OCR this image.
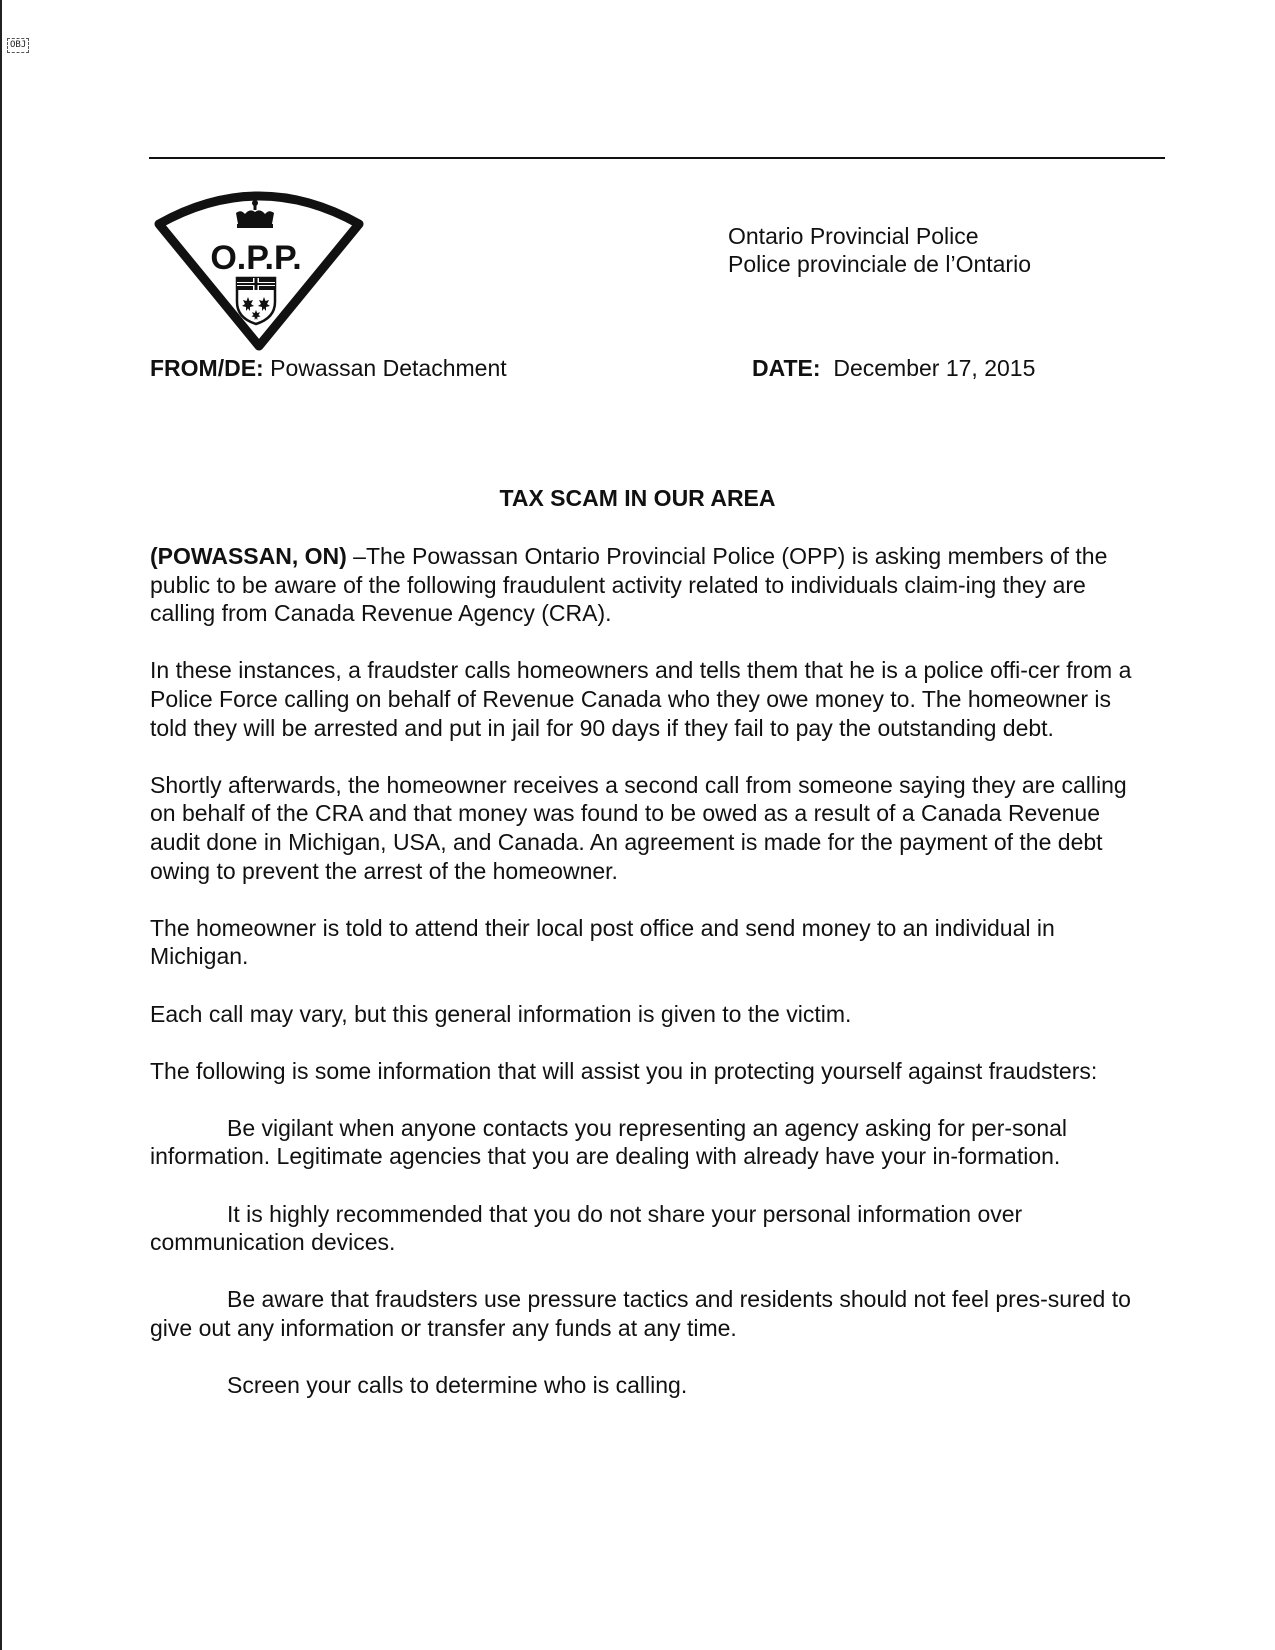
OBJ
O.P.P.
Ontario Provincial Police
Police provinciale de l’Ontario
FROM/DE: Powassan Detachment	DATE: December 17, 2015
TAX SCAM IN OUR AREA

(POWASSAN, ON) –The Powassan Ontario Provincial Police (OPP) is asking members of the public to be aware of the following fraudulent activity related to individuals claim-ing they are calling from Canada Revenue Agency (CRA).

In these instances, a fraudster calls homeowners and tells them that he is a police offi-cer from a Police Force calling on behalf of Revenue Canada who they owe money to. The homeowner is told they will be arrested and put in jail for 90 days if they fail to pay the outstanding debt.

Shortly afterwards, the homeowner receives a second call from someone saying they are calling on behalf of the CRA and that money was found to be owed as a result of a Canada Revenue audit done in Michigan, USA, and Canada. An agreement is made for the payment of the debt owing to prevent the arrest of the homeowner.

The homeowner is told to attend their local post office and send money to an individual in Michigan.

Each call may vary, but this general information is given to the victim.

The following is some information that will assist you in protecting yourself against fraudsters:

Be vigilant when anyone contacts you representing an agency asking for per-sonal information. Legitimate agencies that you are dealing with already have your in-formation.

It is highly recommended that you do not share your personal information over communication devices.

Be aware that fraudsters use pressure tactics and residents should not feel pres-sured to give out any information or transfer any funds at any time.

Screen your calls to determine who is calling.
